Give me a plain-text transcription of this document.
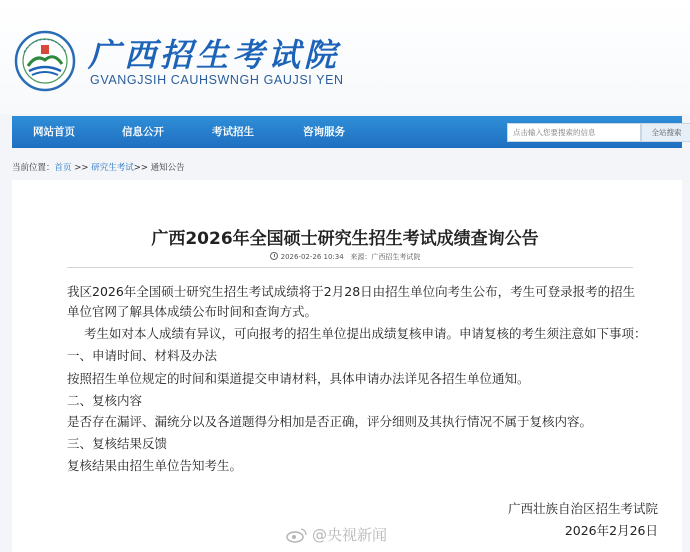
广西招生考试院
GVANGJSIH CAUHSWNGH GAUJSI YEN
网站首页	信息公开	考试招生	咨询服务	点击输入您要搜索的信息	全站搜索
当前位置：首页 >> 研究生考试>> 通知公告
广西2026年全国硕士研究生招生考试成绩查询公告
2026-02-26 10:34 来源：广西招生考试院
我区2026年全国硕士研究生招生考试成绩将于2月28日由招生单位向考生公布，考生可登录报考的招生
单位官网了解具体成绩公布时间和查询方式。
考生如对本人成绩有异议，可向报考的招生单位提出成绩复核申请。申请复核的考生须注意如下事项：
一、申请时间、材料及办法
按照招生单位规定的时间和渠道提交申请材料，具体申请办法详见各招生单位通知。
二、复核内容
是否存在漏评、漏统分以及各道题得分相加是否正确，评分细则及其执行情况不属于复核内容。
三、复核结果反馈
复核结果由招生单位告知考生。
广西壮族自治区招生考试院
2026年2月26日
@央视新闻
